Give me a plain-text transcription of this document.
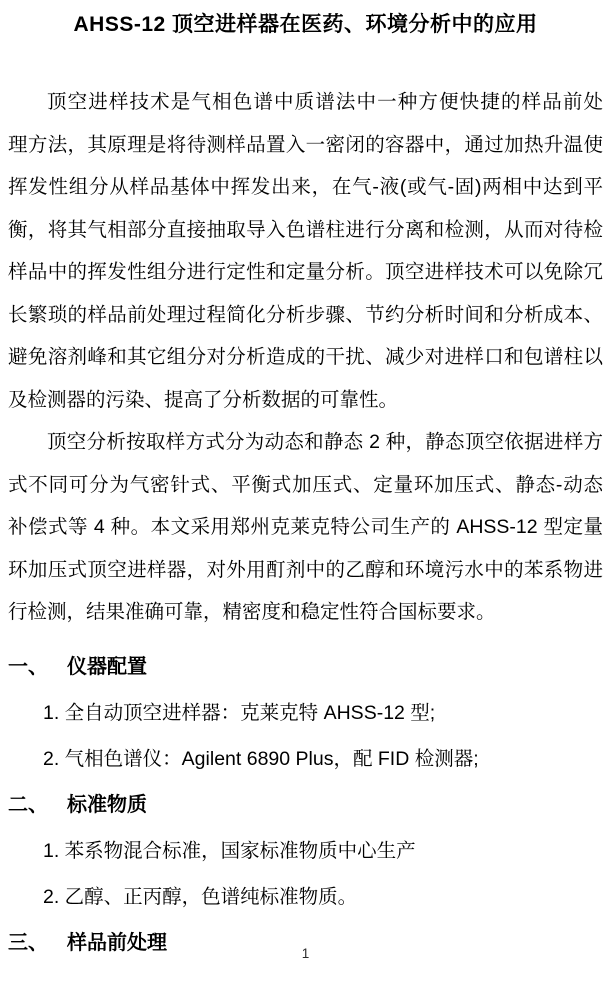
AHSS-12 顶空进样器在医药、环境分析中的应用
顶空进样技术是气相色谱中质谱法中一种方便快捷的样品前处
理方法，其原理是将待测样品置入一密闭的容器中，通过加热升温使
挥发性组分从样品基体中挥发出来，在气-液(或气-固)两相中达到平
衡，将其气相部分直接抽取导入色谱柱进行分离和检测，从而对待检
样品中的挥发性组分进行定性和定量分析。顶空进样技术可以免除冗
长繁琐的样品前处理过程简化分析步骤、节约分析时间和分析成本、
避免溶剂峰和其它组分对分析造成的干扰、减少对进样口和包谱柱以
及检测器的污染、提高了分析数据的可靠性。
顶空分析按取样方式分为动态和静态 2 种，静态顶空依据进样方
式不同可分为气密针式、平衡式加压式、定量环加压式、静态-动态
补偿式等 4 种。本文采用郑州克莱克特公司生产的 AHSS-12 型定量
环加压式顶空进样器，对外用酊剂中的乙醇和环境污水中的苯系物进
行检测，结果准确可靠，精密度和稳定性符合国标要求。
一、 仪器配置
1. 全自动顶空进样器：克莱克特 AHSS-12 型;
2. 气相色谱仪：Agilent 6890 Plus，配 FID 检测器;
二、 标准物质
1. 苯系物混合标准，国家标准物质中心生产
2. 乙醇、正丙醇，色谱纯标准物质。
三、 样品前处理	1
